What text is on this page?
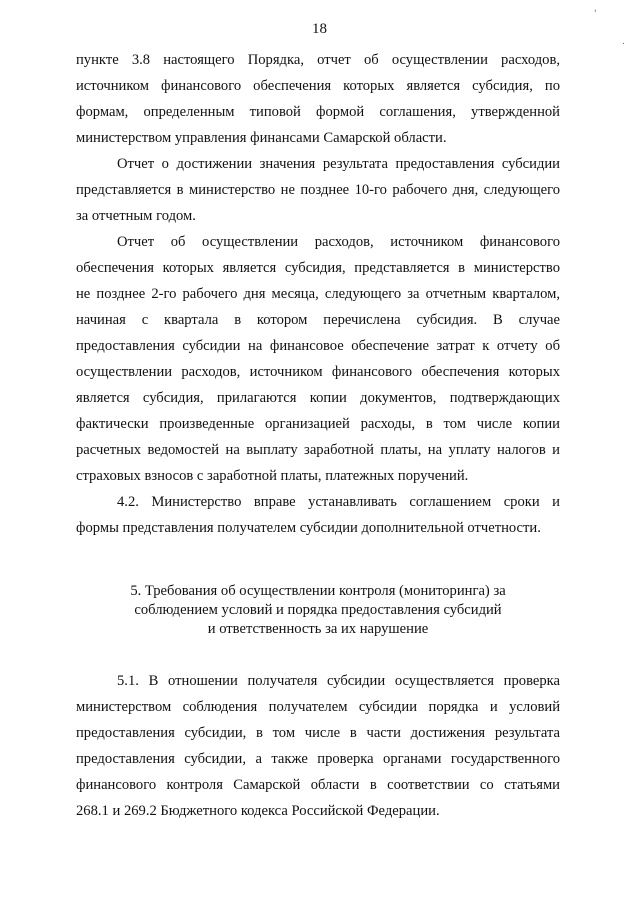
'
.
18
пункте 3.8 настоящего Порядка, отчет об осуществлении расходов,
источником финансового обеспечения которых является субсидия, по
формам, определенным типовой формой соглашения, утвержденной
министерством управления финансами Самарской области.
Отчет о достижении значения результата предоставления субсидии
представляется в министерство не позднее 10-го рабочего дня, следующего
за отчетным годом.
Отчет об осуществлении расходов, источником финансового
обеспечения которых является субсидия, представляется в министерство
не позднее 2-го рабочего дня месяца, следующего за отчетным кварталом,
начиная с квартала в котором перечислена субсидия. В случае
предоставления субсидии на финансовое обеспечение затрат к отчету об
осуществлении расходов, источником финансового обеспечения которых
является субсидия, прилагаются копии документов, подтверждающих
фактически произведенные организацией расходы, в том числе копии
расчетных ведомостей на выплату заработной платы, на уплату налогов и
страховых взносов с заработной платы, платежных поручений.
4.2. Министерство вправе устанавливать соглашением сроки и
формы представления получателем субсидии дополнительной отчетности.
5. Требования об осуществлении контроля (мониторинга) за
соблюдением условий и порядка предоставления субсидий
и ответственность за их нарушение
5.1. В отношении получателя субсидии осуществляется проверка
министерством соблюдения получателем субсидии порядка и условий
предоставления субсидии, в том числе в части достижения результата
предоставления субсидии, а также проверка органами государственного
финансового контроля Самарской области в соответствии со статьями
268.1 и 269.2 Бюджетного кодекса Российской Федерации.
